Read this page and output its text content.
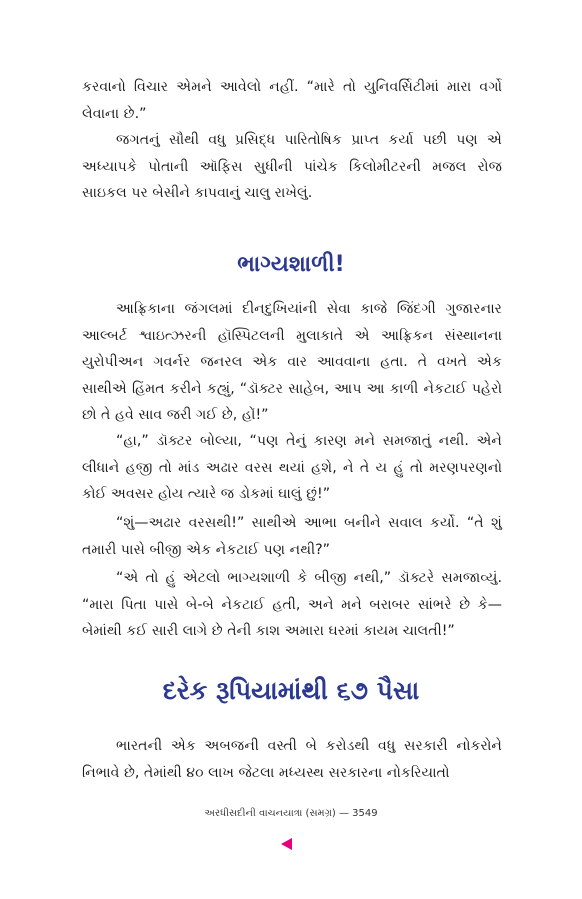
કરવાનો વિચાર એમને આવેલો નહીં. “મારે તો યુનિવર્સિટીમાં મારા વર્ગો લેવાના છે.”

જગતનું સૌથી વધુ પ્રસિદ્ધ પારિતોષિક પ્રાપ્ત કર્યા પછી પણ એ અધ્યાપકે પોતાની ઑફિસ સુધીની પાંચેક કિલોમીટરની મજલ રોજ સાઇકલ પર બેસીને કાપવાનું ચાલુ રાખેલું.

ભાગ્યશાળી!

આફ્રિકાના જંગલમાં દીનદુખિયાંની સેવા કાજે જિંદગી ગુજારનાર આલ્બર્ટ શ્વાઇત્ઝરની હૉસ્પિટલની મુલાકાતે એ આફ્રિકન સંસ્થાનના યુરોપીઅન ગવર્નર જનરલ એક વાર આવવાના હતા. તે વખતે એક સાથીએ હિંમત કરીને કહ્યું, “ડૉક્ટર સાહેબ, આપ આ કાળી નેકટાઈ પહેરો છો તે હવે સાવ જરી ગઈ છે, હોં!”

“હા,” ડૉક્ટર બોલ્યા, “પણ તેનું કારણ મને સમજાતું નથી. એને લીધાને હજી તો માંડ અઢાર વરસ થયાં હશે, ને તે ય હું તો મરણપરણનો કોઈ અવસર હોય ત્યારે જ ડોકમાં ઘાલું છું!”

“શું—અઢાર વરસથી!” સાથીએ આભા બનીને સવાલ કર્યો. “તે શું તમારી પાસે બીજી એક નેકટાઈ પણ નથી?”

“એ તો હું એટલો ભાગ્યશાળી કે બીજી નથી,” ડૉક્ટરે સમજાવ્યું. “મારા પિતા પાસે બે-બે નેકટાઈ હતી, અને મને બરાબર સાંભરે છે કે—બેમાંથી કઈ સારી લાગે છે તેની કાશ અમારા ઘરમાં કાયમ ચાલતી!”

દરેક રૂપિયામાંથી ૬૭ પૈસા

ભારતની એક અબજની વસ્તી બે કરોડથી વધુ સરકારી નોકરોને નિભાવે છે, તેમાંથી ૪૦ લાખ જેટલા મધ્યસ્થ સરકારના નોકરિયાતો

અરધીસદીની વાચનયાત્રા (સમગ્ર) — 3549
